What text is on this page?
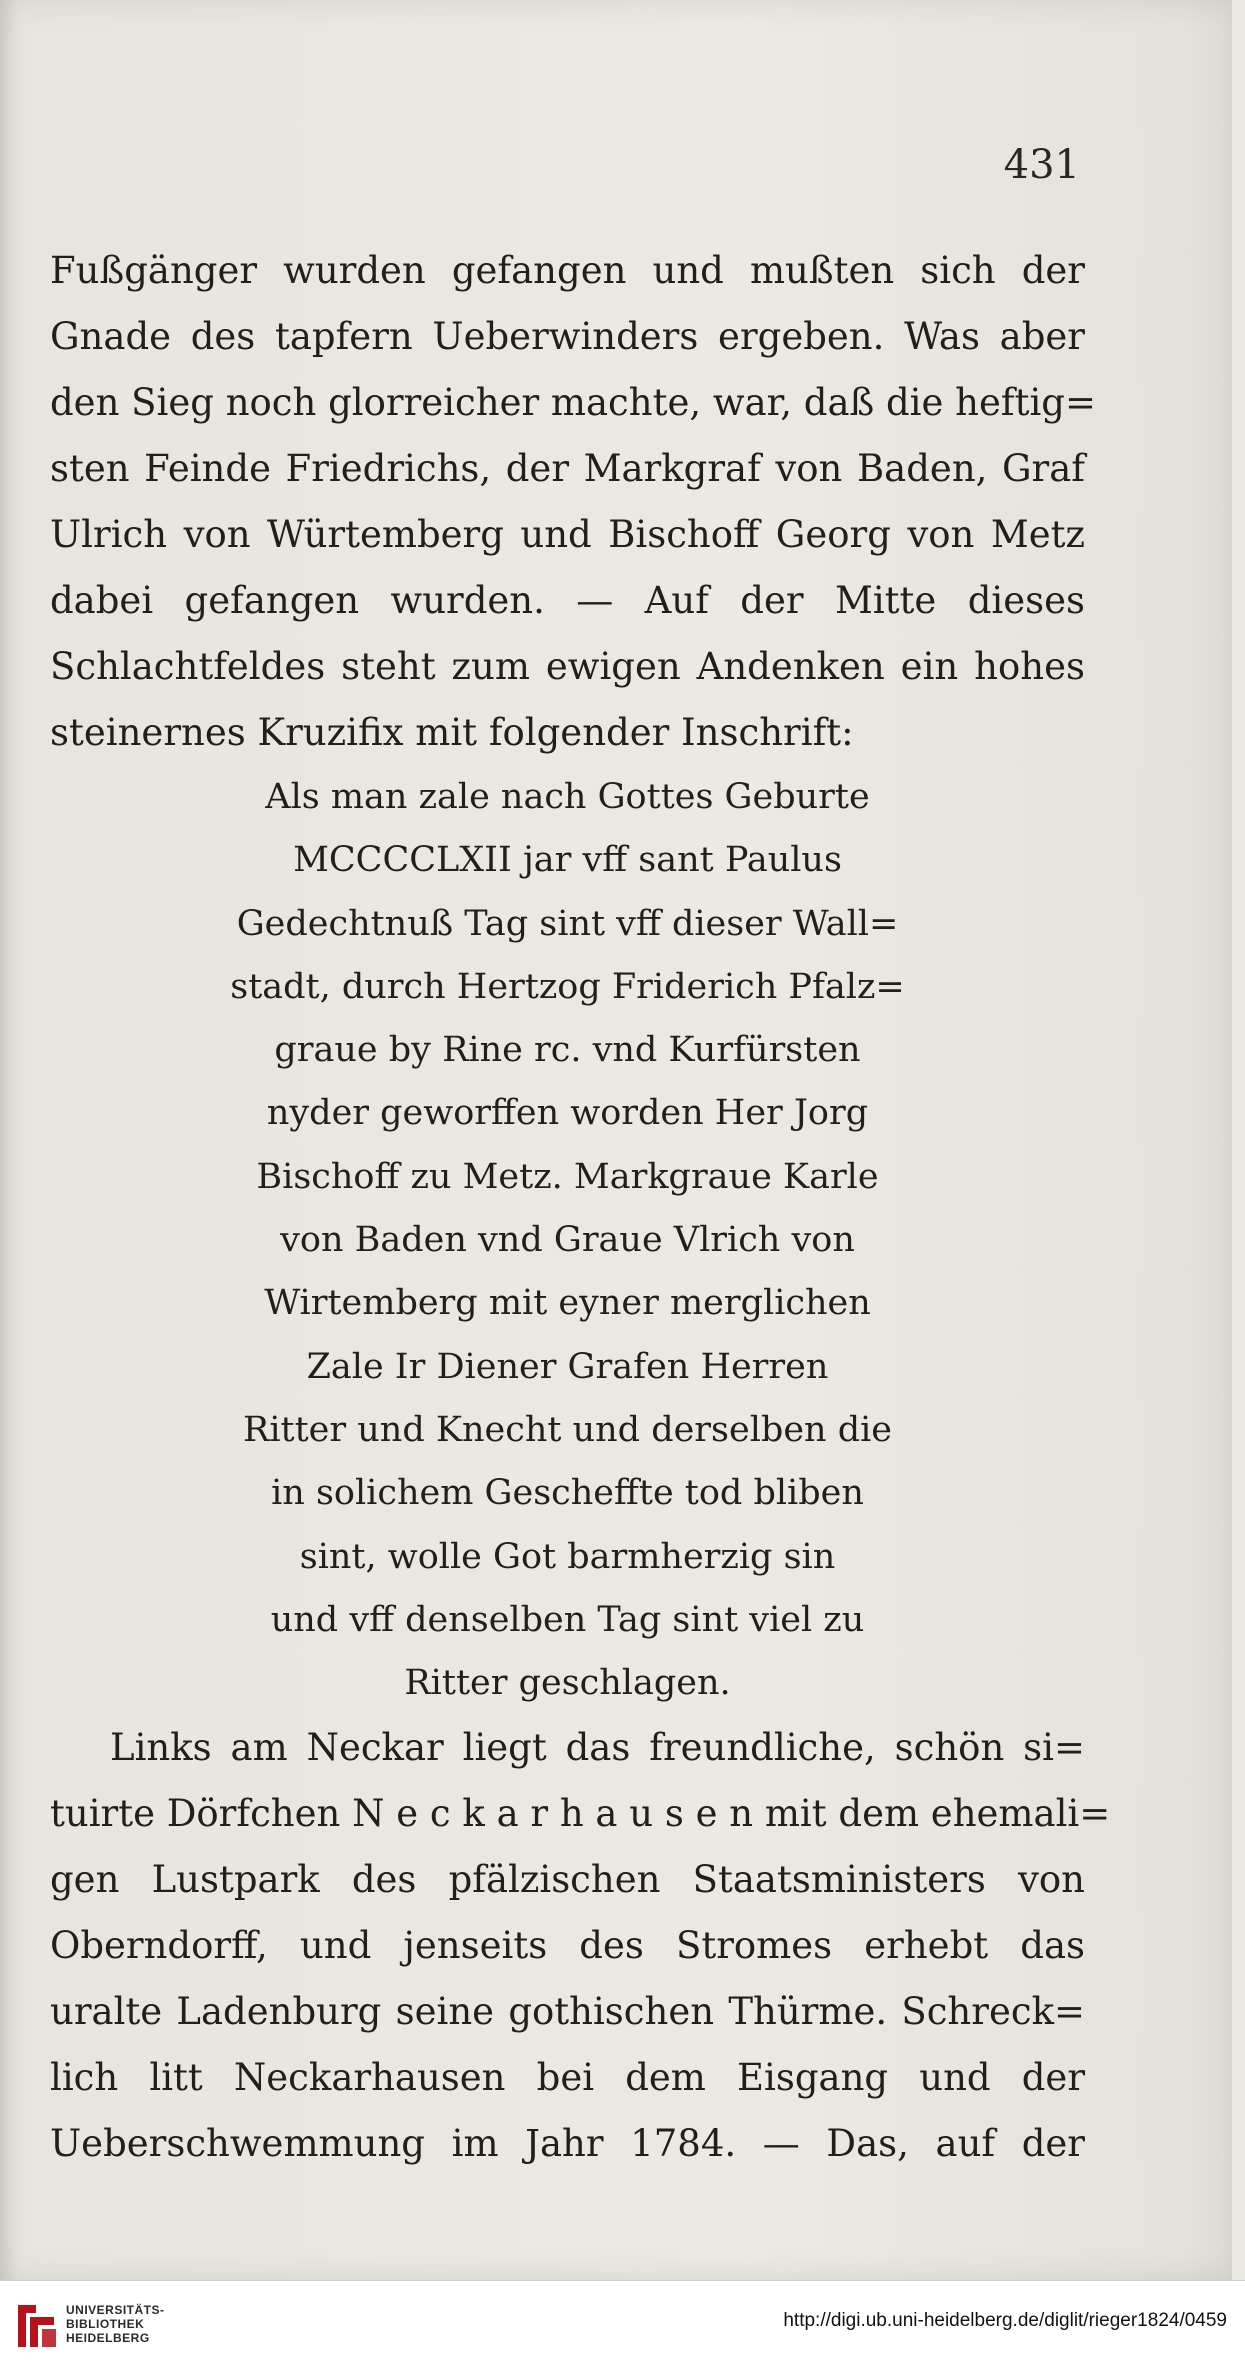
431
Fußgänger wurden gefangen und mußten sich der
Gnade des tapfern Ueberwinders ergeben. Was aber
den Sieg noch glorreicher machte, war, daß die heftig=
sten Feinde Friedrichs, der Markgraf von Baden, Graf
Ulrich von Würtemberg und Bischoff Georg von Metz
dabei gefangen wurden. — Auf der Mitte dieses
Schlachtfeldes steht zum ewigen Andenken ein hohes
steinernes Kruzifix mit folgender Inschrift:
Als man zale nach Gottes Geburte
MCCCCLXII jar vff sant Paulus
Gedechtnuß Tag sint vff dieser Wall=
stadt, durch Hertzog Friderich Pfalz=
graue by Rine rc. vnd Kurfürsten
nyder geworffen worden Her Jorg
Bischoff zu Metz. Markgraue Karle
von Baden vnd Graue Vlrich von
Wirtemberg mit eyner merglichen
Zale Ir Diener Grafen Herren
Ritter und Knecht und derselben die
in solichem Gescheffte tod bliben
sint, wolle Got barmherzig sin
und vff denselben Tag sint viel zu
Ritter geschlagen.
Links am Neckar liegt das freundliche, schön si=
tuirte Dörfchen N e c k a r h a u s e n mit dem ehemali=
gen Lustpark des pfälzischen Staatsministers von
Oberndorff, und jenseits des Stromes erhebt das
uralte Ladenburg seine gothischen Thürme. Schreck=
lich litt Neckarhausen bei dem Eisgang und der
Ueberschwemmung im Jahr 1784. — Das, auf der
UNIVERSITÄTS-
BIBLIOTHEK
HEIDELBERG
http://digi.ub.uni-heidelberg.de/diglit/rieger1824/0459
